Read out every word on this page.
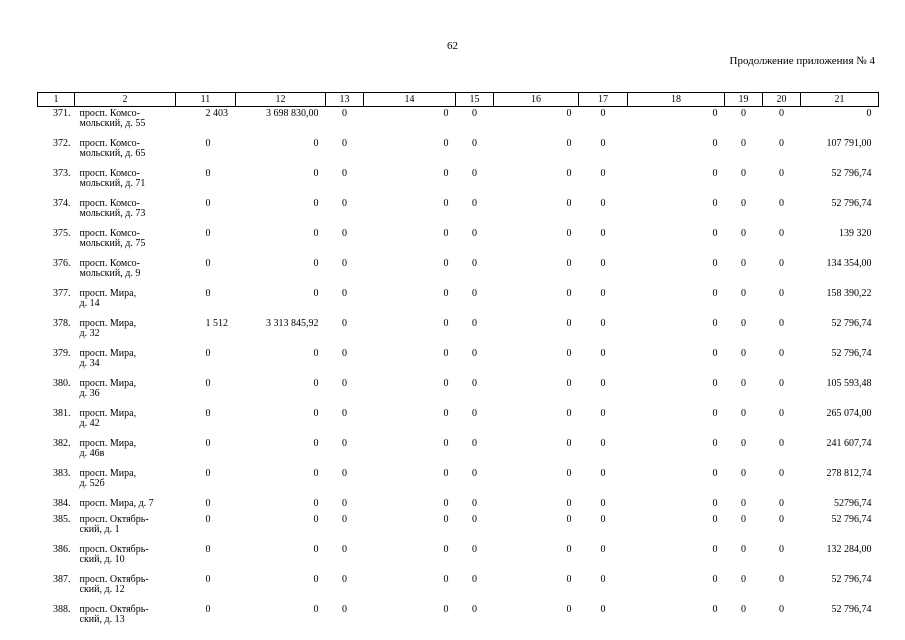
62
Продолжение приложения № 4
1	2	11	12	13	14	15	16	17	18	19	20	21
371.	просп. Комсо-
мольский, д. 55	2 403	3 698 830,00	0	0	0	0	0	0	0	0	0
372.	просп. Комсо-
мольский, д. 65	0	0	0	0	0	0	0	0	0	0	107 791,00
373.	просп. Комсо-
мольский, д. 71	0	0	0	0	0	0	0	0	0	0	52 796,74
374.	просп. Комсо-
мольский, д. 73	0	0	0	0	0	0	0	0	0	0	52 796,74
375.	просп. Комсо-
мольский, д. 75	0	0	0	0	0	0	0	0	0	0	139 320
376.	просп. Комсо-
мольский, д. 9	0	0	0	0	0	0	0	0	0	0	134 354,00
377.	просп. Мира,
д. 14	0	0	0	0	0	0	0	0	0	0	158 390,22
378.	просп. Мира,
д. 32	1 512	3 313 845,92	0	0	0	0	0	0	0	0	52 796,74
379.	просп. Мира,
д. 34	0	0	0	0	0	0	0	0	0	0	52 796,74
380.	просп. Мира,
д. 36	0	0	0	0	0	0	0	0	0	0	105 593,48
381.	просп. Мира,
д. 42	0	0	0	0	0	0	0	0	0	0	265 074,00
382.	просп. Мира,
д. 46в	0	0	0	0	0	0	0	0	0	0	241 607,74
383.	просп. Мира,
д. 52б	0	0	0	0	0	0	0	0	0	0	278 812,74
384.	просп. Мира, д. 7	0	0	0	0	0	0	0	0	0	0	52796,74
385.	просп. Октябрь-
ский, д. 1	0	0	0	0	0	0	0	0	0	0	52 796,74
386.	просп. Октябрь-
ский, д. 10	0	0	0	0	0	0	0	0	0	0	132 284,00
387.	просп. Октябрь-
ский, д. 12	0	0	0	0	0	0	0	0	0	0	52 796,74
388.	просп. Октябрь-
ский, д. 13	0	0	0	0	0	0	0	0	0	0	52 796,74
